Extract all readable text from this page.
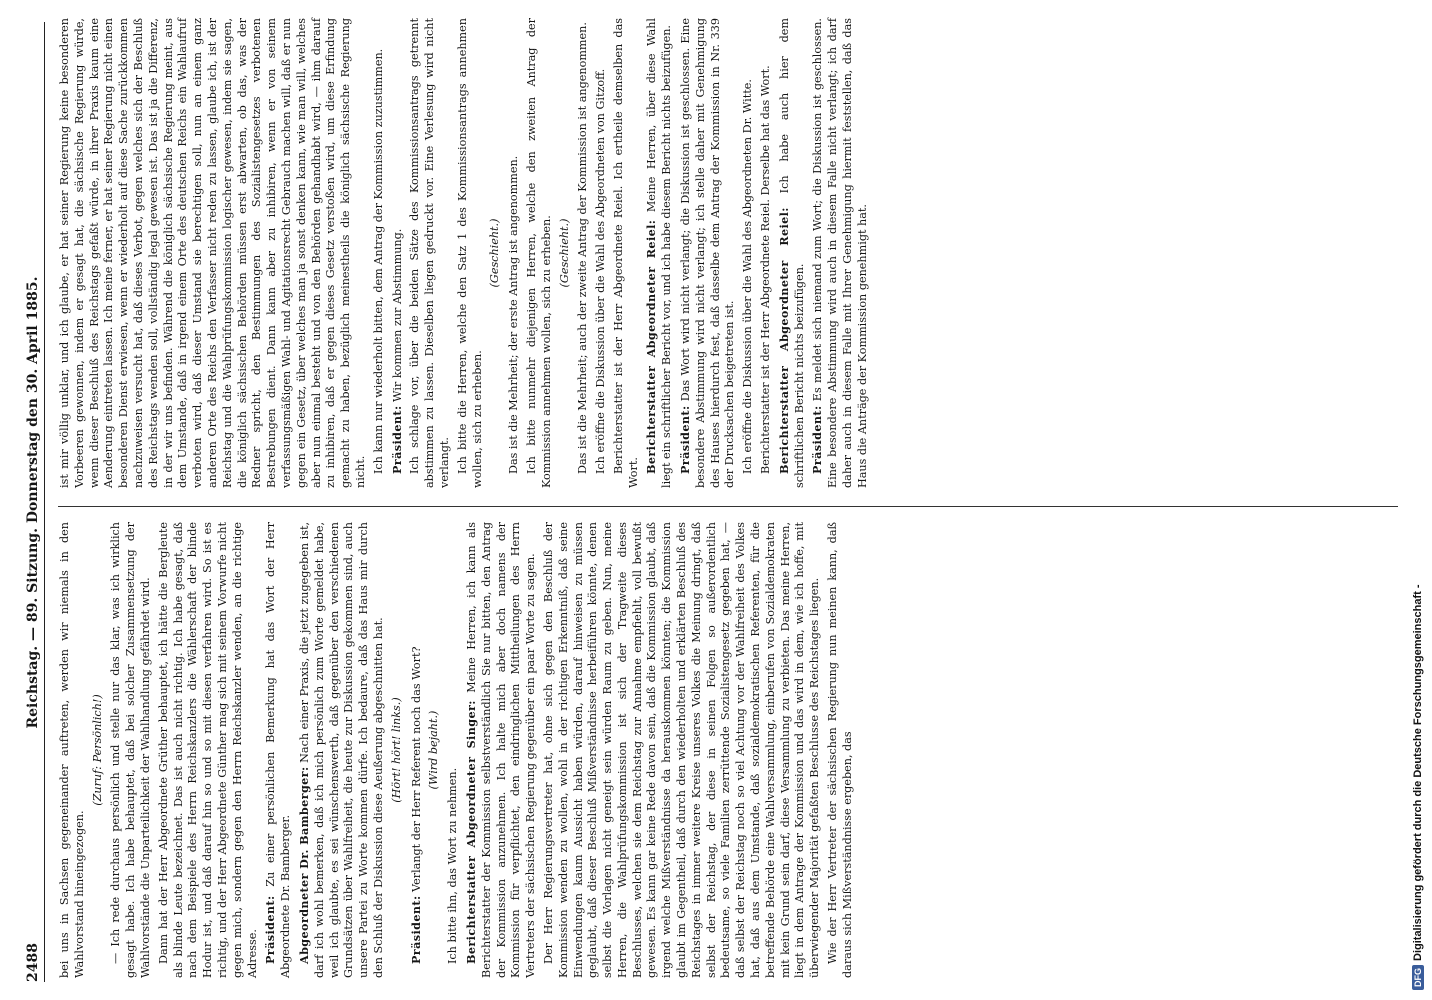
2488
Reichstag. — 89. Sitzung. Donnerstag den 30. April 1885.

bei uns in Sachsen gegeneinander auftreten, werden wir niemals in den Wahlvorstand hineingezogen.

(Zuruf: Persönlich!) — Ich rede durchaus persönlich und stelle nur das klar, was ich wirklich gesagt habe. Ich habe behauptet, daß bei solcher Zusammensetzung der Wahlvorstände die Unparteilichkeit der Wahlhandlung gefährdet wird. Dann hat der Herr Abgeordnete Grüther behauptet, ich hätte die Bergleute als blinde Leute bezeichnet. Das ist auch nicht richtig. Ich habe gesagt, daß nach dem Beispiele des Herrn Reichskanzlers die Wählerschaft der blinde Hodur ist, und daß darauf hin so und so mit diesen verfahren wird. So ist es richtig, und der Herr Abgeordnete Günther mag sich mit seinem Vorwurfe nicht gegen mich, sondern gegen den Herrn Reichskanzler wenden, an die richtige Adresse. Präsident: Zu einer persönlichen Bemerkung hat das Wort der Herr Abgeordnete Dr. Bamberger. Abgeordneter Dr. Bamberger: Nach einer Praxis, die jetzt zugegeben ist, darf ich wohl bemerken, daß ich mich persönlich zum Worte gemeldet habe, weil ich glaubte, es sei wünschenswerth, daß gegenüber den verschiedenen Grundsätzen über Wahlfreiheit, die heute zur Diskussion gekommen sind, auch unsere Partei zu Worte kommen dürfe. Ich bedaure, daß das Haus mir durch den Schluß der Diskussion diese Aeußerung abgeschnitten hat. (Hört! hört! links.)

Präsident: Verlangt der Herr Referent noch das Wort? (Wird bejaht.)

Ich bitte ihn, das Wort zu nehmen. Berichterstatter Abgeordneter Singer: Meine Herren, ich kann als Berichterstatter der Kommission selbstverständlich Sie nur bitten, den Antrag der Kommission anzunehmen. Ich halte mich aber doch namens der Kommission für verpflichtet, den eindringlichen Mittheilungen des Herrn Vertreters der sächsischen Regierung gegenüber ein paar Worte zu sagen. Der Herr Regierungsvertreter hat, ohne sich gegen den Beschluß der Kommission wenden zu wollen, wohl in der richtigen Erkenntniß, daß seine Einwendungen kaum Aussicht haben würden, darauf hinweisen zu müssen geglaubt, daß dieser Beschluß Mißverständnisse herbeiführen könnte, denen selbst die Vorlagen nicht geneigt sein würden Raum zu geben. Nun, meine Herren, die Wahlprüfungskommission ist sich der Tragweite dieses Beschlusses, welchen sie dem Reichstag zur Annahme empfiehlt, voll bewußt gewesen. Es kann gar keine Rede davon sein, daß die Kommission glaubt, daß irgend welche Mißverständnisse da herauskommen könnten; die Kommission glaubt im Gegentheil, daß durch den wiederholten und erklärten Beschluß des Reichstages in immer weitere Kreise unseres Volkes die Meinung dringt, daß selbst der Reichstag, der diese in seinen Folgen so außerordentlich bedeutsame, so viele Familien zerrüttende Sozialistengesetz gegeben hat, — daß selbst der Reichstag noch so viel Achtung vor der Wahlfreiheit des Volkes hat, daß aus dem Umstande, daß sozialdemokratischen Referenten, für die betreffende Behörde eine Wahlversammlung, einberufen von Sozialdemokraten mit kein Grund sein darf, diese Versammlung zu verbieten. Das meine Herren, liegt in dem Antrage der Kommission und das wird in dem, wie ich hoffe, mit überwiegender Majorität gefaßten Beschlusse des Reichstages liegen. Wie der Herr Vertreter der sächsischen Regierung nun meinen kann, daß daraus sich Mißverständnisse ergeben, das

ist mir völlig unklar, und ich glaube, er hat seiner Regierung keine besonderen Vorbeeren gewonnen, indem er gesagt hat, die sächsische Regierung würde, wenn dieser Beschluß des Reichstags gefaßt würde, in ihrer Praxis kaum eine Aenderung eintreten lassen. Ich meine ferner, er hat seiner Regierung nicht einen besonderen Dienst erwiesen, wenn er wiederholt auf diese Sache zurückkommen nachzuweisen versucht hat, daß dieses Verbot, gegen welches sich der Beschluß des Reichstags wenden soll, vollständig legal gewesen ist. Das ist ja die Differenz, in der wir uns befinden. Während die königlich sächsische Regierung meint, aus dem Umstande, daß in irgend einem Orte des deutschen Reichs ein Wahlaufruf verboten wird, daß dieser Umstand sie berechtigen soll, nun an einem ganz anderen Orte des Reichs den Verfasser nicht reden zu lassen, glaube ich, ist der Reichstag und die Wahlprüfungskommission logischer gewesen, indem sie sagen, die königlich sächsischen Behörden müssen erst abwarten, ob das, was der Redner spricht, den Bestimmungen des Sozialistengesetzes verbotenen Bestrebungen dient. Dann kann aber zu inhibiren, wenn er von seinem verfassungsmäßigen Wahl- und Agitationsrecht Gebrauch machen will, daß er nun gegen ein Gesetz, über welches man ja sonst denken kann, wie man will, welches aber nun einmal besteht und von den Behörden gehandhabt wird, — ihm darauf zu inhibiren, daß er gegen dieses Gesetz verstoßen wird, um diese Erfindung gemacht zu haben, bezüglich meinestheils die königlich sächsische Regierung nicht. Ich kann nur wiederholt bitten, dem Antrag der Kommission zuzustimmen. Präsident: Wir kommen zur Abstimmung. Ich schlage vor, über die beiden Sätze des Kommissionsantrags getrennt abstimmen zu lassen. Dieselben liegen gedruckt vor. Eine Verlesung wird nicht verlangt. Ich bitte die Herren, welche den Satz 1 des Kommissionsantrags annehmen wollen, sich zu erheben.

(Geschieht.) Das ist die Mehrheit; der erste Antrag ist angenommen. Ich bitte nunmehr diejenigen Herren, welche den zweiten Antrag der Kommission annehmen wollen, sich zu erheben. (Geschieht.) Das ist die Mehrheit; auch der zweite Antrag der Kommission ist angenommen. Ich eröffne die Diskussion über die Wahl des Abgeordneten von Gitzoff. Berichterstatter ist der Herr Abgeordnete Reiel. Ich ertheile demselben das Wort. Berichterstatter Abgeordneter Reiel: Meine Herren, über diese Wahl liegt ein schriftlicher Bericht vor, und ich habe diesem Bericht nichts beizufügen. Präsident: Das Wort wird nicht verlangt; die Diskussion ist geschlossen. Eine besondere Abstimmung wird nicht verlangt; ich stelle daher mit Genehmigung des Hauses hierdurch fest, daß dasselbe dem Antrag der Kommission in Nr. 339 der Drucksachen beigetreten ist. Ich eröffne die Diskussion über die Wahl des Abgeordneten Dr. Witte. Berichterstatter ist der Herr Abgeordnete Reiel. Derselbe hat das Wort. Berichterstatter Abgeordneter Reiel: Ich habe auch hier dem schriftlichen Bericht nichts beizufügen. Präsident: Es meldet sich niemand zum Wort; die Diskussion ist geschlossen. Eine besondere Abstimmung wird auch in diesem Falle nicht verlangt; ich darf daher auch in diesem Falle mit Ihrer Genehmigung hiermit feststellen, daß das Haus die Anträge der Kommission genehmigt hat.

DFG
Digitalisierung gefördert durch die Deutsche Forschungsgemeinschaft -
